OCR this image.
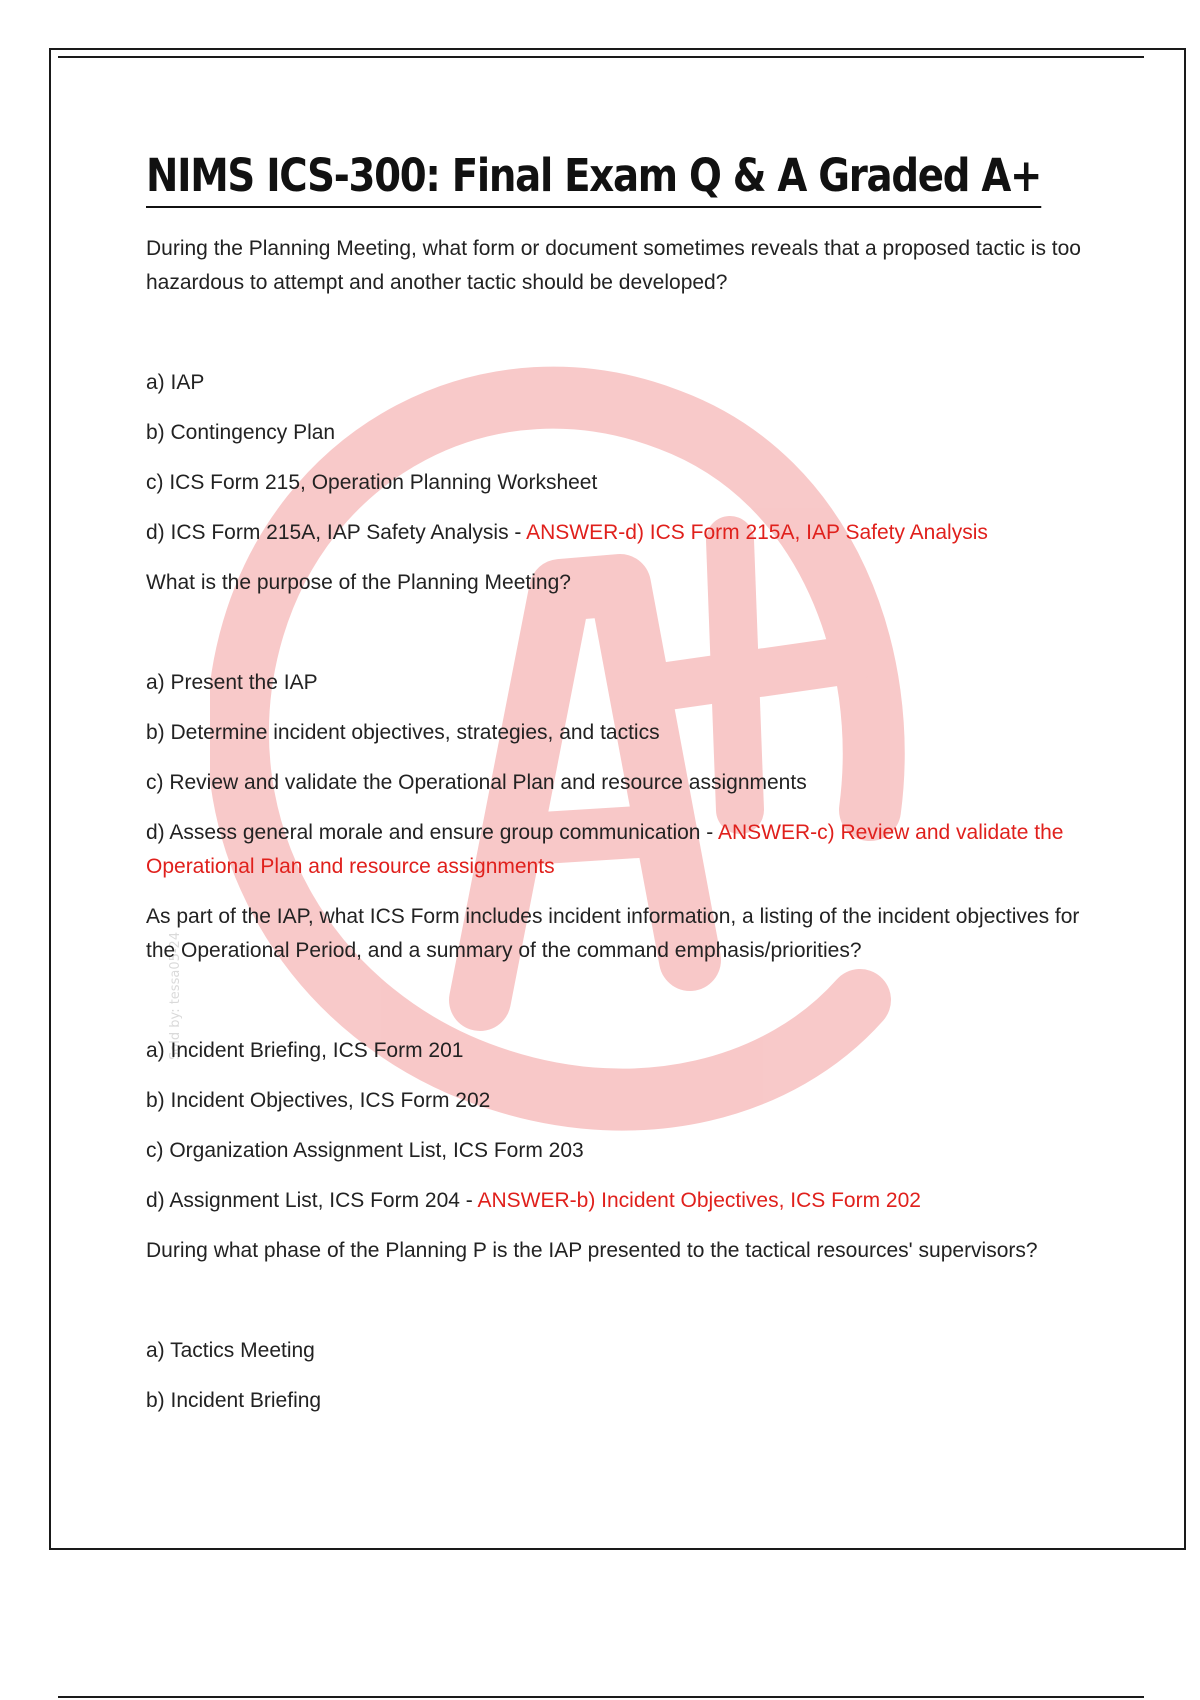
Sold by: tessa05-24
NIMS ICS-300: Final Exam Q & A Graded A+

During the Planning Meeting, what form or document sometimes reveals that a proposed tactic is too hazardous to attempt and another tactic should be developed?

a) IAP

b) Contingency Plan

c) ICS Form 215, Operation Planning Worksheet

d) ICS Form 215A, IAP Safety Analysis - ANSWER-d) ICS Form 215A, IAP Safety Analysis

What is the purpose of the Planning Meeting?

a) Present the IAP

b) Determine incident objectives, strategies, and tactics

c) Review and validate the Operational Plan and resource assignments

d) Assess general morale and ensure group communication - ANSWER-c) Review and validate the Operational Plan and resource assignments

As part of the IAP, what ICS Form includes incident information, a listing of the incident objectives for the Operational Period, and a summary of the command emphasis/priorities?

a) Incident Briefing, ICS Form 201

b) Incident Objectives, ICS Form 202

c) Organization Assignment List, ICS Form 203

d) Assignment List, ICS Form 204 - ANSWER-b) Incident Objectives, ICS Form 202

During what phase of the Planning P is the IAP presented to the tactical resources' supervisors?

a) Tactics Meeting

b) Incident Briefing
